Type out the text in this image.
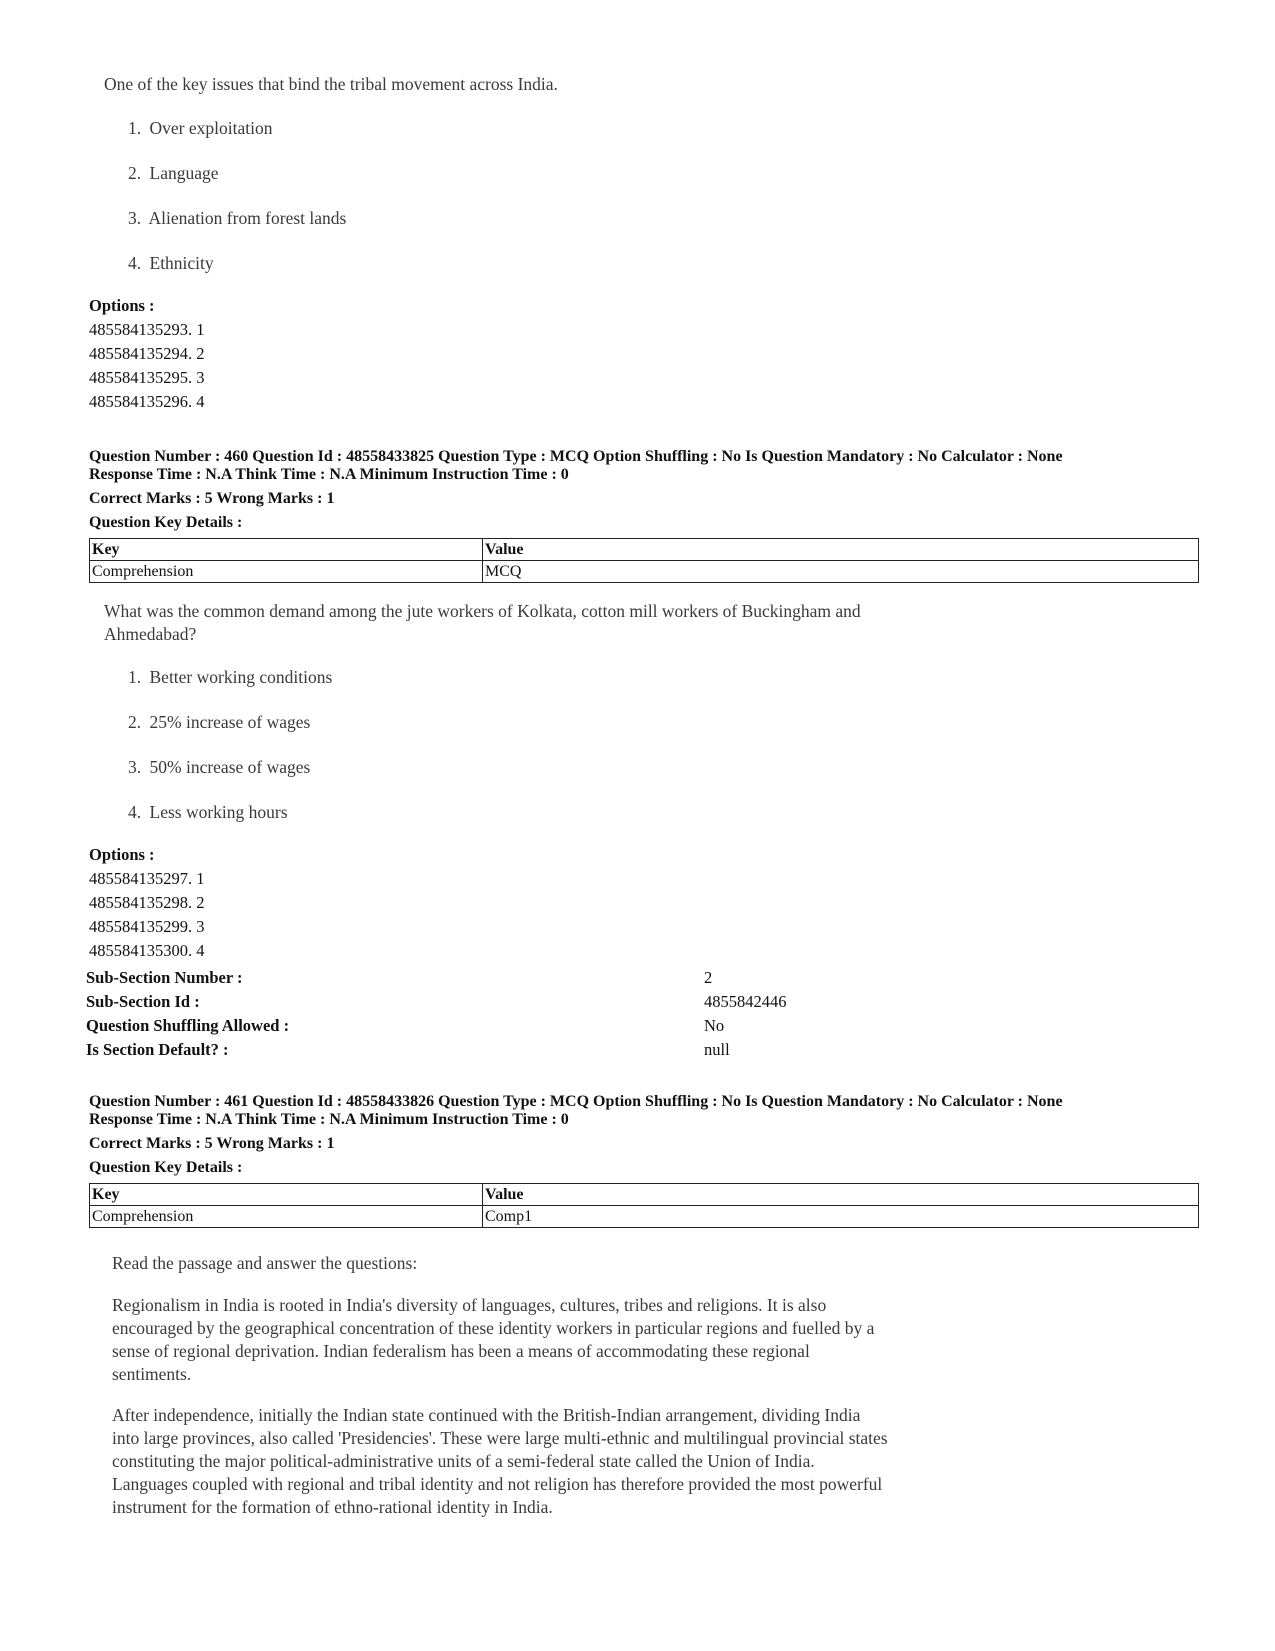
One of the key issues that bind the tribal movement across India.
1. Over exploitation
2. Language
3. Alienation from forest lands
4. Ethnicity
Options :
485584135293. 1
485584135294. 2
485584135295. 3
485584135296. 4
Question Number : 460 Question Id : 48558433825 Question Type : MCQ Option Shuffling : No Is Question Mandatory : No Calculator : None
Response Time : N.A Think Time : N.A Minimum Instruction Time : 0
Correct Marks : 5 Wrong Marks : 1
Question Key Details :
Key	Value
Comprehension	MCQ
What was the common demand among the jute workers of Kolkata, cotton mill workers of Buckingham and
Ahmedabad?
1. Better working conditions
2. 25% increase of wages
3. 50% increase of wages
4. Less working hours
Options :
485584135297. 1
485584135298. 2
485584135299. 3
485584135300. 4
Sub-Section Number :	2
Sub-Section Id :	4855842446
Question Shuffling Allowed :	No
Is Section Default? :	null
Question Number : 461 Question Id : 48558433826 Question Type : MCQ Option Shuffling : No Is Question Mandatory : No Calculator : None
Response Time : N.A Think Time : N.A Minimum Instruction Time : 0
Correct Marks : 5 Wrong Marks : 1
Question Key Details :
Key	Value
Comprehension	Comp1
Read the passage and answer the questions:
Regionalism in India is rooted in India's diversity of languages, cultures, tribes and religions. It is also
encouraged by the geographical concentration of these identity workers in particular regions and fuelled by a
sense of regional deprivation. Indian federalism has been a means of accommodating these regional
sentiments.
After independence, initially the Indian state continued with the British-Indian arrangement, dividing India
into large provinces, also called 'Presidencies'. These were large multi-ethnic and multilingual provincial states
constituting the major political-administrative units of a semi-federal state called the Union of India.
Languages coupled with regional and tribal identity and not religion has therefore provided the most powerful
instrument for the formation of ethno-rational identity in India.
